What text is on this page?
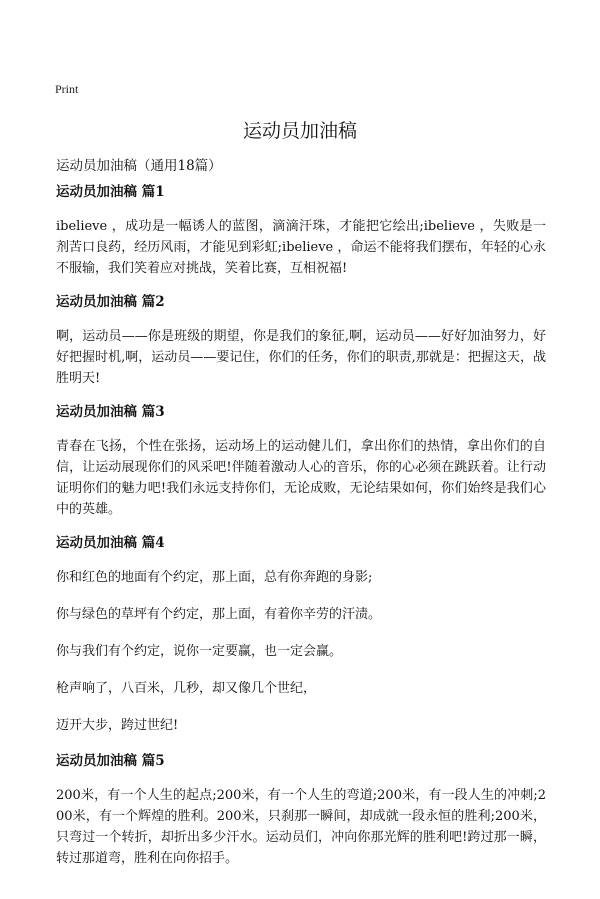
Print
运动员加油稿
运动员加油稿（通用18篇）
运动员加油稿 篇1

ibelieve ，成功是一幅诱人的蓝图，滴滴汗珠，才能把它绘出;ibelieve ，失败是一剂苦口良药，经历风雨，才能见到彩虹;ibelieve ，命运不能将我们摆布，年轻的心永不服输，我们笑着应对挑战，笑着比赛，互相祝福!

运动员加油稿 篇2

啊，运动员——你是班级的期望，你是我们的象征,啊，运动员——好好加油努力，好好把握时机,啊，运动员——要记住，你们的任务，你们的职责,那就是：把握这天，战胜明天!

运动员加油稿 篇3

青春在飞扬，个性在张扬，运动场上的运动健儿们，拿出你们的热情，拿出你们的自信，让运动展现你们的风采吧!伴随着激动人心的音乐，你的心必须在跳跃着。让行动证明你们的魅力吧!我们永远支持你们，无论成败，无论结果如何，你们始终是我们心中的英雄。

运动员加油稿 篇4

你和红色的地面有个约定，那上面，总有你奔跑的身影;

你与绿色的草坪有个约定，那上面，有着你辛劳的汗渍。

你与我们有个约定，说你一定要赢，也一定会赢。

枪声响了，八百米，几秒，却又像几个世纪，

迈开大步，跨过世纪!

运动员加油稿 篇5

200米，有一个人生的起点;200米，有一个人生的弯道;200米，有一段人生的冲刺;200米，有一个辉煌的胜利。200米，只刹那一瞬间，却成就一段永恒的胜利;200米，只弯过一个转折，却折出多少汗水。运动员们，冲向你那光辉的胜利吧!跨过那一瞬，转过那道弯，胜利在向你招手。
